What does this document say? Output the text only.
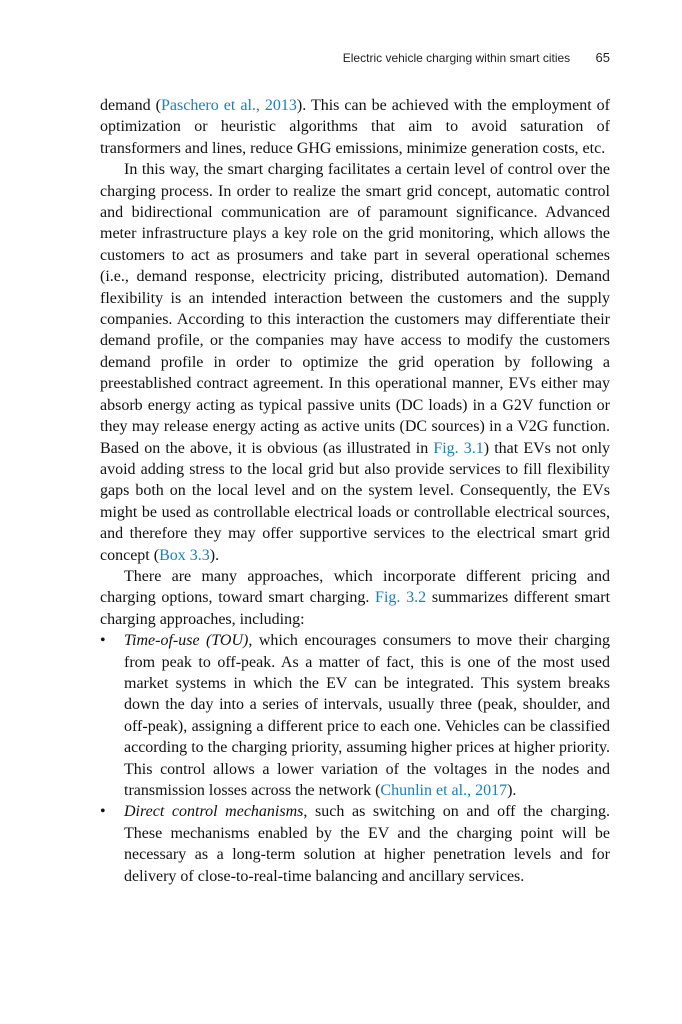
Electric vehicle charging within smart cities 65

demand (Paschero et al., 2013). This can be achieved with the employment of optimization or heuristic algorithms that aim to avoid saturation of transformers and lines, reduce GHG emissions, minimize generation costs, etc.

In this way, the smart charging facilitates a certain level of control over the charging process. In order to realize the smart grid concept, automatic control and bidirectional communication are of paramount significance. Advanced meter infrastructure plays a key role on the grid monitoring, which allows the customers to act as prosumers and take part in several operational schemes (i.e., demand response, electricity pricing, distributed automation). Demand flexibility is an intended interaction between the customers and the supply companies. According to this interaction the customers may differentiate their demand profile, or the companies may have access to modify the customers demand profile in order to optimize the grid operation by following a preestablished contract agreement. In this operational manner, EVs either may absorb energy acting as typical passive units (DC loads) in a G2V function or they may release energy acting as active units (DC sources) in a V2G function. Based on the above, it is obvious (as illustrated in Fig. 3.1) that EVs not only avoid adding stress to the local grid but also provide services to fill flexibility gaps both on the local level and on the system level. Consequently, the EVs might be used as controllable electrical loads or controllable electrical sources, and therefore they may offer supportive services to the electrical smart grid concept (Box 3.3).

There are many approaches, which incorporate different pricing and charging options, toward smart charging. Fig. 3.2 summarizes different smart charging approaches, including:

• Time-of-use (TOU), which encourages consumers to move their charging from peak to off-peak. As a matter of fact, this is one of the most used market systems in which the EV can be integrated. This system breaks down the day into a series of intervals, usually three (peak, shoulder, and off-peak), assigning a different price to each one. Vehicles can be classified according to the charging priority, assuming higher prices at higher priority. This control allows a lower variation of the voltages in the nodes and transmission losses across the network (Chunlin et al., 2017).
• Direct control mechanisms, such as switching on and off the charging. These mechanisms enabled by the EV and the charging point will be necessary as a long-term solution at higher penetration levels and for delivery of close-to-real-time balancing and ancillary services.
